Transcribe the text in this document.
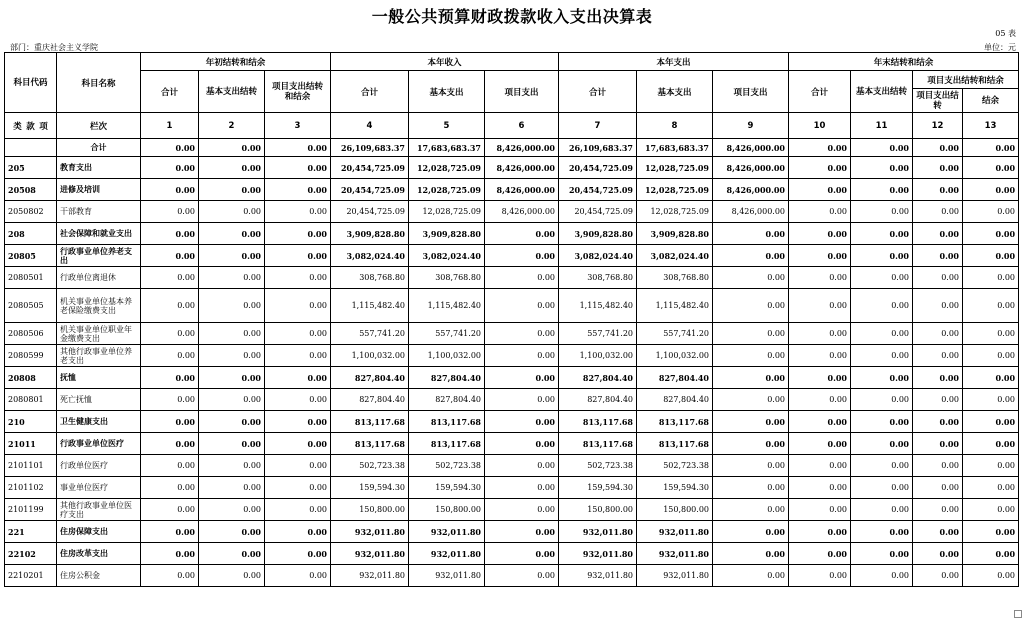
一般公共预算财政拨款收入支出决算表
05 表
部门：重庆社会主义学院	单位：元
科目代码	科目名称	年初结转和结余			本年收入			本年支出			年末结转和结余			
		合计	基本支出结转	项目支出结转和结余	合计	基本支出	项目支出	合计	基本支出	项目支出	合计	基本支出结转	项目支出结转和结余	
													项目支出结转	结余
类 款 项	栏次	1	2	3	4	5	6	7	8	9	10	11	12	13
	合计	0.00	0.00	0.00	26,109,683.37	17,683,683.37	8,426,000.00	26,109,683.37	17,683,683.37	8,426,000.00	0.00	0.00	0.00	0.00
205	教育支出	0.00	0.00	0.00	20,454,725.09	12,028,725.09	8,426,000.00	20,454,725.09	12,028,725.09	8,426,000.00	0.00	0.00	0.00	0.00
20508	进修及培训	0.00	0.00	0.00	20,454,725.09	12,028,725.09	8,426,000.00	20,454,725.09	12,028,725.09	8,426,000.00	0.00	0.00	0.00	0.00
2050802	干部教育	0.00	0.00	0.00	20,454,725.09	12,028,725.09	8,426,000.00	20,454,725.09	12,028,725.09	8,426,000.00	0.00	0.00	0.00	0.00
208	社会保障和就业支出	0.00	0.00	0.00	3,909,828.80	3,909,828.80	0.00	3,909,828.80	3,909,828.80	0.00	0.00	0.00	0.00	0.00
20805	行政事业单位养老支出	0.00	0.00	0.00	3,082,024.40	3,082,024.40	0.00	3,082,024.40	3,082,024.40	0.00	0.00	0.00	0.00	0.00
2080501	行政单位离退休	0.00	0.00	0.00	308,768.80	308,768.80	0.00	308,768.80	308,768.80	0.00	0.00	0.00	0.00	0.00
2080505	机关事业单位基本养老保险缴费支出	0.00	0.00	0.00	1,115,482.40	1,115,482.40	0.00	1,115,482.40	1,115,482.40	0.00	0.00	0.00	0.00	0.00
2080506	机关事业单位职业年金缴费支出	0.00	0.00	0.00	557,741.20	557,741.20	0.00	557,741.20	557,741.20	0.00	0.00	0.00	0.00	0.00
2080599	其他行政事业单位养老支出	0.00	0.00	0.00	1,100,032.00	1,100,032.00	0.00	1,100,032.00	1,100,032.00	0.00	0.00	0.00	0.00	0.00
20808	抚恤	0.00	0.00	0.00	827,804.40	827,804.40	0.00	827,804.40	827,804.40	0.00	0.00	0.00	0.00	0.00
2080801	死亡抚恤	0.00	0.00	0.00	827,804.40	827,804.40	0.00	827,804.40	827,804.40	0.00	0.00	0.00	0.00	0.00
210	卫生健康支出	0.00	0.00	0.00	813,117.68	813,117.68	0.00	813,117.68	813,117.68	0.00	0.00	0.00	0.00	0.00
21011	行政事业单位医疗	0.00	0.00	0.00	813,117.68	813,117.68	0.00	813,117.68	813,117.68	0.00	0.00	0.00	0.00	0.00
2101101	行政单位医疗	0.00	0.00	0.00	502,723.38	502,723.38	0.00	502,723.38	502,723.38	0.00	0.00	0.00	0.00	0.00
2101102	事业单位医疗	0.00	0.00	0.00	159,594.30	159,594.30	0.00	159,594.30	159,594.30	0.00	0.00	0.00	0.00	0.00
2101199	其他行政事业单位医疗支出	0.00	0.00	0.00	150,800.00	150,800.00	0.00	150,800.00	150,800.00	0.00	0.00	0.00	0.00	0.00
221	住房保障支出	0.00	0.00	0.00	932,011.80	932,011.80	0.00	932,011.80	932,011.80	0.00	0.00	0.00	0.00	0.00
22102	住房改革支出	0.00	0.00	0.00	932,011.80	932,011.80	0.00	932,011.80	932,011.80	0.00	0.00	0.00	0.00	0.00
2210201	住房公积金	0.00	0.00	0.00	932,011.80	932,011.80	0.00	932,011.80	932,011.80	0.00	0.00	0.00	0.00	0.00
